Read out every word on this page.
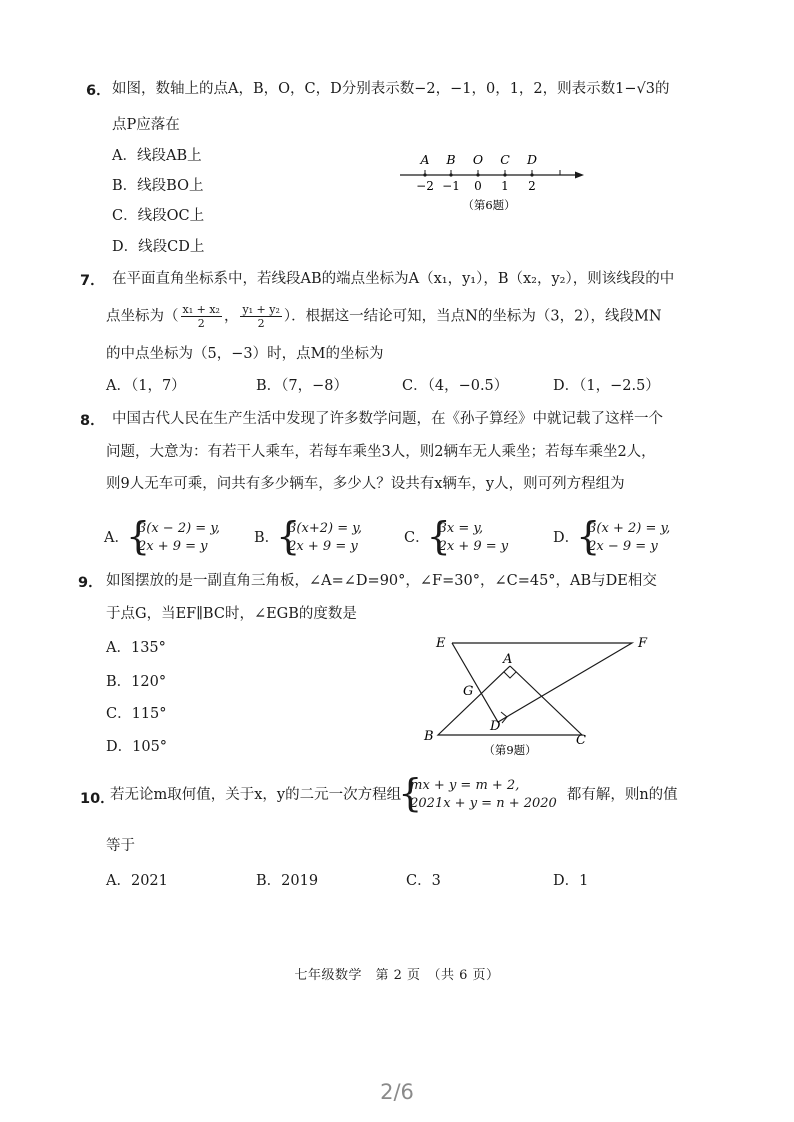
6． 如图，数轴上的点A，B，O，C，D分别表示数−2，−1，0，1，2，则表示数1−√3的
点P应落在
A．线段AB上
B．线段BO上
C．线段OC上
D．线段CD上
A B O C D
−2 −1 0 1 2
（第6题）
7． 在平面直角坐标系中，若线段AB的端点坐标为A（x₁，y₁），B（x₂，y₂），则该线段的中
点坐标为（ $\frac{\text{x₁ + x₂}}{2}$ ， $\frac{\text{y₁ + y₂}}{2}$ ）．根据这一结论可知，当点N的坐标为（3，2），线段MN
的中点坐标为（5，−3）时，点M的坐标为
A．（1，7）	B．（7，−8）	C．（4，−0.5）	D．（1，−2.5）
8． 中国古代人民在生产生活中发现了许多数学问题，在《孙子算经》中就记载了这样一个
问题，大意为：有若干人乘车，若每车乘坐3人，则2辆车无人乘坐；若每车乘坐2人，
则9人无车可乘，问共有多少辆车，多少人？设共有x辆车，y人，则可列方程组为
A．
{ 3(x − 2) = y,
2x + 9 = y
B．
{ 3(x+2) = y,
2x + 9 = y
C．
{ 3x = y,
2x + 9 = y
D．
{ 3(x + 2) = y,
2x − 9 = y
9． 如图摆放的是一副直角三角板，∠A=∠D=90°，∠F=30°，∠C=45°，AB与DE相交
于点G，当EF∥BC时，∠EGB的度数是
A．135°
B．120°
C．115°
D．105°
E	F
A
G
D
B	C
（第9题）
10．
若无论m取何值，关于x，y的二元一次方程组
{ mx + y = m + 2,
2021x + y = n + 2020
都有解，则n的值
等于
A．2021	B．2019	C．3	D．1
七年级数学　第 2 页　（共 6 页）
2/6
